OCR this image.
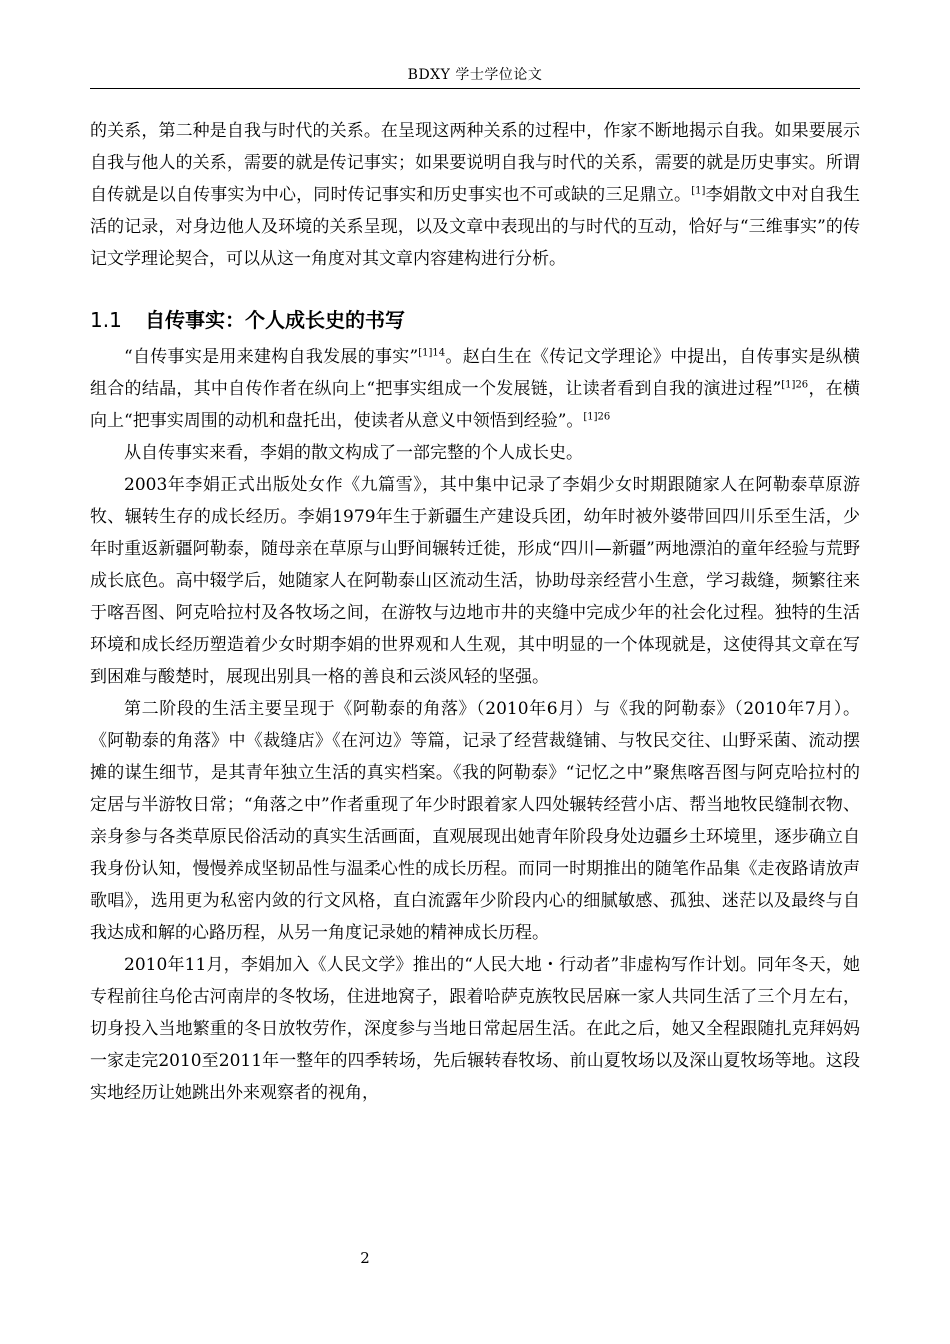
BDXY 学士学位论文

的关系，第二种是自我与时代的关系。在呈现这两种关系的过程中，作家不断地揭示自我。如果要展示自我与他人的关系，需要的就是传记事实；如果要说明自我与时代的关系，需要的就是历史事实。所谓自传就是以自传事实为中心，同时传记事实和历史事实也不可或缺的三足鼎立。[1]李娟散文中对自我生活的记录，对身边他人及环境的关系呈现，以及文章中表现出的与时代的互动，恰好与“三维事实”的传记文学理论契合，可以从这一角度对其文章内容建构进行分析。

1.1 自传事实：个人成长史的书写

“自传事实是用来建构自我发展的事实”$^{[1]14}$。赵白生在《传记文学理论》中提出，自传事实是纵横组合的结晶，其中自传作者在纵向上“把事实组成一个发展链，让读者看到自我的演进过程”$^{[1]26}$，在横向上“把事实周围的动机和盘托出，使读者从意义中领悟到经验”。$^{[1]26}$

从自传事实来看，李娟的散文构成了一部完整的个人成长史。

2003年李娟正式出版处女作《九篇雪》，其中集中记录了李娟少女时期跟随家人在阿勒泰草原游牧、辗转生存的成长经历。李娟1979年生于新疆生产建设兵团，幼年时被外婆带回四川乐至生活，少年时重返新疆阿勒泰，随母亲在草原与山野间辗转迁徙，形成“四川—新疆”两地漂泊的童年经验与荒野成长底色。高中辍学后，她随家人在阿勒泰山区流动生活，协助母亲经营小生意，学习裁缝，频繁往来于喀吾图、阿克哈拉村及各牧场之间，在游牧与边地市井的夹缝中完成少年的社会化过程。独特的生活环境和成长经历塑造着少女时期李娟的世界观和人生观，其中明显的一个体现就是，这使得其文章在写到困难与酸楚时，展现出别具一格的善良和云淡风轻的坚强。

第二阶段的生活主要呈现于《阿勒泰的角落》（2010年6月）与《我的阿勒泰》（2010年7月）。《阿勒泰的角落》中《裁缝店》《在河边》等篇，记录了经营裁缝铺、与牧民交往、山野采菌、流动摆摊的谋生细节，是其青年独立生活的真实档案。《我的阿勒泰》“记忆之中”聚焦喀吾图与阿克哈拉村的定居与半游牧日常；“角落之中”作者重现了年少时跟着家人四处辗转经营小店、帮当地牧民缝制衣物、亲身参与各类草原民俗活动的真实生活画面，直观展现出她青年阶段身处边疆乡土环境里，逐步确立自我身份认知，慢慢养成坚韧品性与温柔心性的成长历程。而同一时期推出的随笔作品集《走夜路请放声歌唱》，选用更为私密内敛的行文风格，直白流露年少阶段内心的细腻敏感、孤独、迷茫以及最终与自我达成和解的心路历程，从另一角度记录她的精神成长历程。

2010年11月，李娟加入《人民文学》推出的“人民大地・行动者”非虚构写作计划。同年冬天，她专程前往乌伦古河南岸的冬牧场，住进地窝子，跟着哈萨克族牧民居麻一家人共同生活了三个月左右，切身投入当地繁重的冬日放牧劳作，深度参与当地日常起居生活。在此之后，她又全程跟随扎克拜妈妈一家走完2010至2011年一整年的四季转场，先后辗转春牧场、前山夏牧场以及深山夏牧场等地。这段实地经历让她跳出外来观察者的视角，

2
